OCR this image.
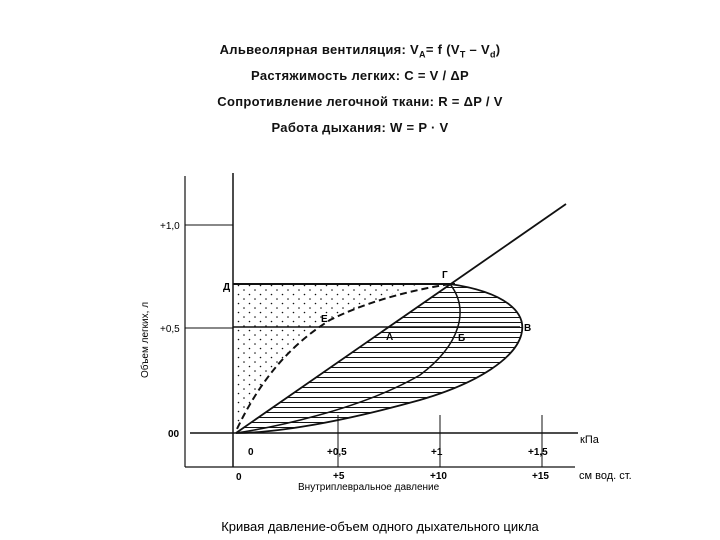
Альвеолярная вентиляция: $V_A= f$ $(V_T - V_d)$
Растяжимость легких: C = V / ΔP
Сопротивление легочной ткани: R = ΔP / V
Работа дыхания: W = P · V
+1,0
+0,5
00
0	+0,5	+1	+1,5
кПа
0	+5	+10	+15	см вод. ст.
Внутриплевральное давление
Объем легких, л
Д
Г
Е
А	Б
В
Кривая давление-объем одного дыхательного цикла
